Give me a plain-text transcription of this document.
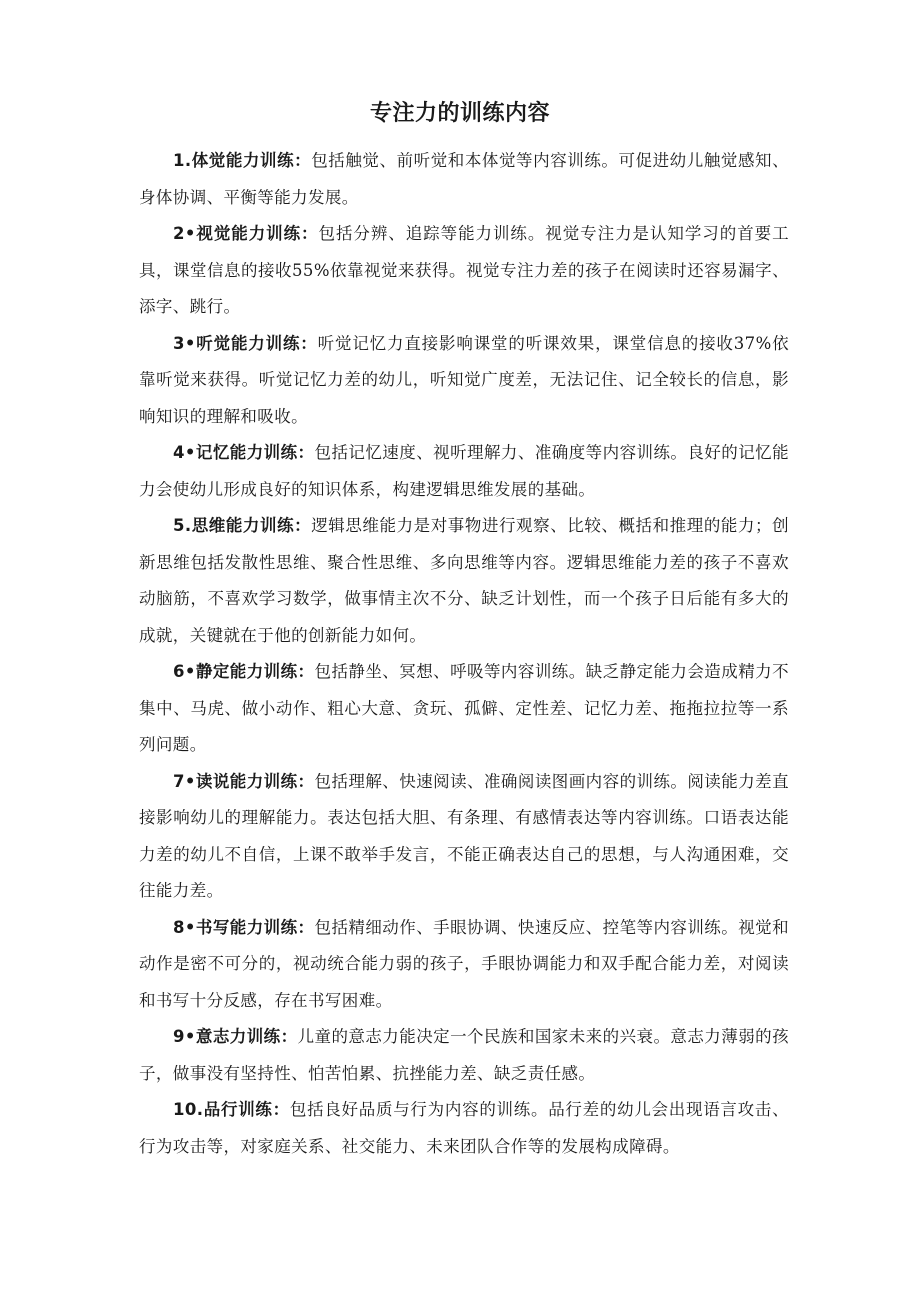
专注力的训练内容

1.体觉能力训练：包括触觉、前听觉和本体觉等内容训练。可促进幼儿触觉感知、身体协调、平衡等能力发展。

2•视觉能力训练：包括分辨、追踪等能力训练。视觉专注力是认知学习的首要工具，课堂信息的接收55%依靠视觉来获得。视觉专注力差的孩子在阅读时还容易漏字、添字、跳行。

3•听觉能力训练：听觉记忆力直接影响课堂的听课效果，课堂信息的接收37%依靠听觉来获得。听觉记忆力差的幼儿，听知觉广度差，无法记住、记全较长的信息，影响知识的理解和吸收。

4•记忆能力训练：包括记忆速度、视听理解力、准确度等内容训练。良好的记忆能力会使幼儿形成良好的知识体系，构建逻辑思维发展的基础。

5.思维能力训练：逻辑思维能力是对事物进行观察、比较、概括和推理的能力；创新思维包括发散性思维、聚合性思维、多向思维等内容。逻辑思维能力差的孩子不喜欢动脑筋，不喜欢学习数学，做事情主次不分、缺乏计划性，而一个孩子日后能有多大的成就，关键就在于他的创新能力如何。

6•静定能力训练：包括静坐、冥想、呼吸等内容训练。缺乏静定能力会造成精力不集中、马虎、做小动作、粗心大意、贪玩、孤僻、定性差、记忆力差、拖拖拉拉等一系列问题。

7•读说能力训练：包括理解、快速阅读、准确阅读图画内容的训练。阅读能力差直接影响幼儿的理解能力。表达包括大胆、有条理、有感情表达等内容训练。口语表达能力差的幼儿不自信，上课不敢举手发言，不能正确表达自己的思想，与人沟通困难，交往能力差。

8•书写能力训练：包括精细动作、手眼协调、快速反应、控笔等内容训练。视觉和动作是密不可分的，视动统合能力弱的孩子，手眼协调能力和双手配合能力差，对阅读和书写十分反感，存在书写困难。

9•意志力训练：儿童的意志力能决定一个民族和国家未来的兴衰。意志力薄弱的孩子，做事没有坚持性、怕苦怕累、抗挫能力差、缺乏责任感。

10.品行训练：包括良好品质与行为内容的训练。品行差的幼儿会出现语言攻击、行为攻击等，对家庭关系、社交能力、未来团队合作等的发展构成障碍。
